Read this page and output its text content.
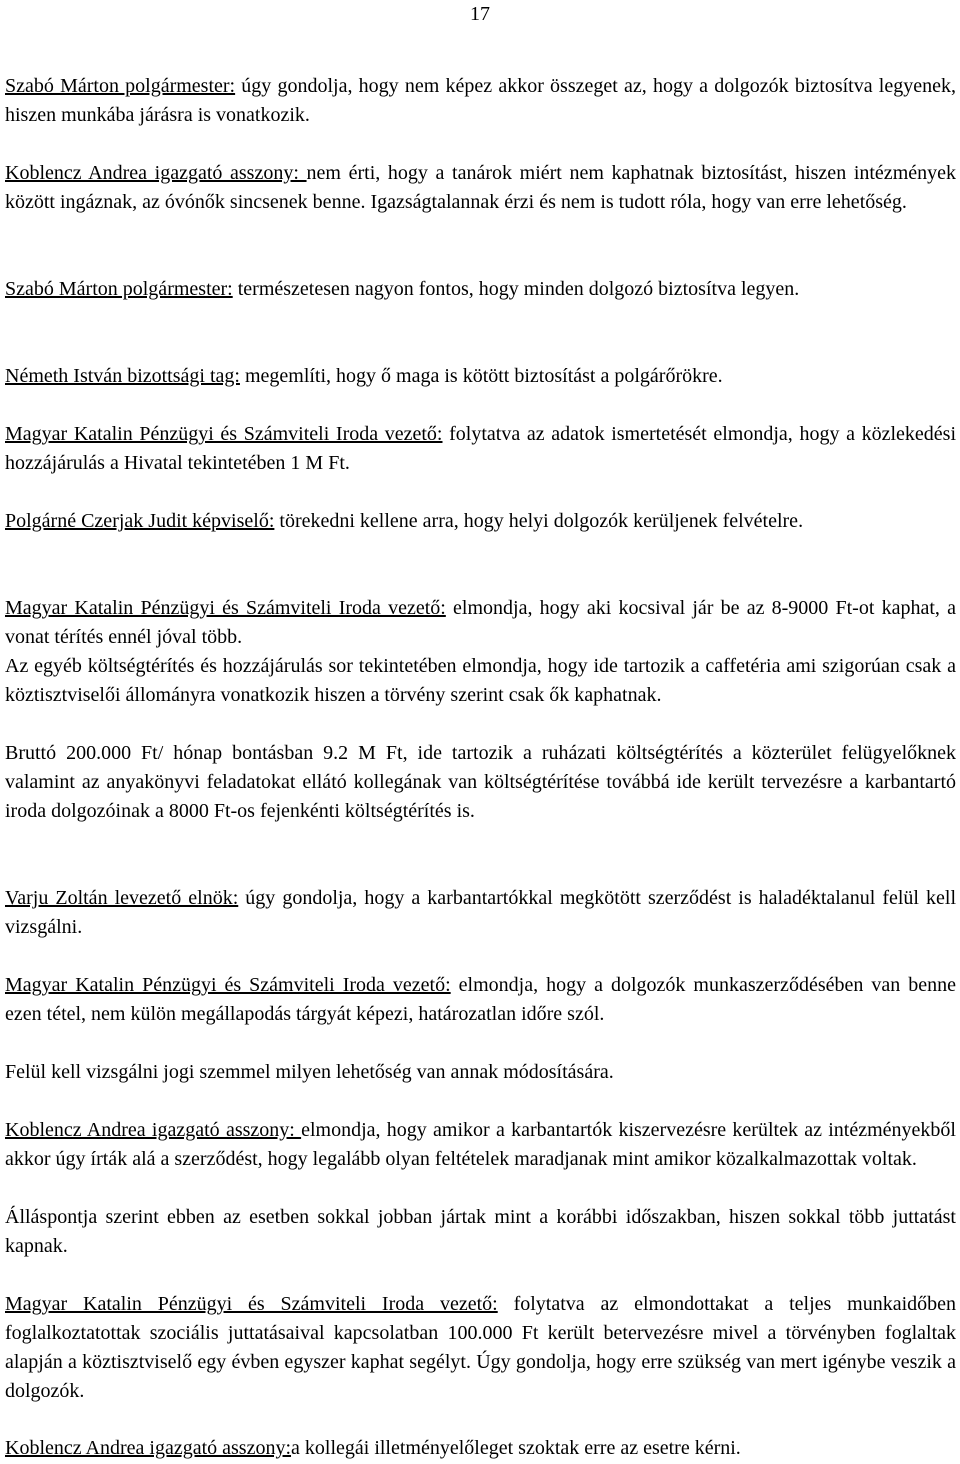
17

Szabó Márton polgármester: úgy gondolja, hogy nem képez akkor összeget az, hogy a dolgozók biztosítva legyenek, hiszen munkába járásra is vonatkozik.

Koblencz Andrea igazgató asszony: nem érti, hogy a tanárok miért nem kaphatnak biztosítást, hiszen intézmények között ingáznak, az óvónők sincsenek benne. Igazságtalannak érzi és nem is tudott róla, hogy van erre lehetőség.

Szabó Márton polgármester: természetesen nagyon fontos, hogy minden dolgozó biztosítva legyen.

Németh István bizottsági tag: megemlíti, hogy ő maga is kötött biztosítást a polgárőrökre.

Magyar Katalin Pénzügyi és Számviteli Iroda vezető: folytatva az adatok ismertetését elmondja, hogy a közlekedési hozzájárulás a Hivatal tekintetében 1 M Ft.

Polgárné Czerjak Judit képviselő: törekedni kellene arra, hogy helyi dolgozók kerüljenek felvételre.

Magyar Katalin Pénzügyi és Számviteli Iroda vezető: elmondja, hogy aki kocsival jár be az 8-9000 Ft-ot kaphat, a vonat térítés ennél jóval több.

Az egyéb költségtérítés és hozzájárulás sor tekintetében elmondja, hogy ide tartozik a caffetéria ami szigorúan csak a köztisztviselői állományra vonatkozik hiszen a törvény szerint csak ők kaphatnak.

Bruttó 200.000 Ft/ hónap bontásban 9.2 M Ft, ide tartozik a ruházati költségtérítés a közterület felügyelőknek valamint az anyakönyvi feladatokat ellátó kollegának van költségtérítése továbbá ide került tervezésre a karbantartó iroda dolgozóinak a 8000 Ft-os fejenkénti költségtérítés is.

Varju Zoltán levezető elnök: úgy gondolja, hogy a karbantartókkal megkötött szerződést is haladéktalanul felül kell vizsgálni.

Magyar Katalin Pénzügyi és Számviteli Iroda vezető: elmondja, hogy a dolgozók munkaszerződésében van benne ezen tétel, nem külön megállapodás tárgyát képezi, határozatlan időre szól.

Felül kell vizsgálni jogi szemmel milyen lehetőség van annak módosítására.

Koblencz Andrea igazgató asszony: elmondja, hogy amikor a karbantartók kiszervezésre kerültek az intézményekből akkor úgy írták alá a szerződést, hogy legalább olyan feltételek maradjanak mint amikor közalkalmazottak voltak.

Álláspontja szerint ebben az esetben sokkal jobban jártak mint a korábbi időszakban, hiszen sokkal több juttatást kapnak.

Magyar Katalin Pénzügyi és Számviteli Iroda vezető: folytatva az elmondottakat a teljes munkaidőben foglalkoztatottak szociális juttatásaival kapcsolatban 100.000 Ft került betervezésre mivel a törvényben foglaltak alapján a köztisztviselő egy évben egyszer kaphat segélyt. Úgy gondolja, hogy erre szükség van mert igénybe veszik a dolgozók.

Koblencz Andrea igazgató asszony:a kollegái illetményelőleget szoktak erre az esetre kérni.
